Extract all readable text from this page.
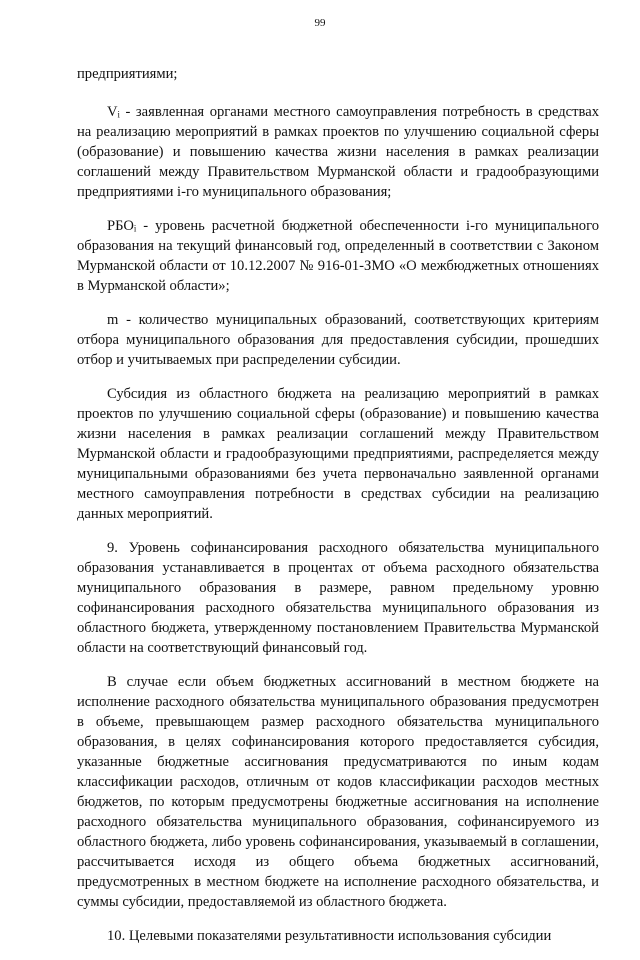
99

предприятиями;

Vᵢ - заявленная органами местного самоуправления потребность в средствах на реализацию мероприятий в рамках проектов по улучшению социальной сферы (образование) и повышению качества жизни населения в рамках реализации соглашений между Правительством Мурманской области и градообразующими предприятиями i-го муниципального образования;

РБОᵢ - уровень расчетной бюджетной обеспеченности i-го муниципального образования на текущий финансовый год, определенный в соответствии с Законом Мурманской области от 10.12.2007 № 916-01-ЗМО «О межбюджетных отношениях в Мурманской области»;

m - количество муниципальных образований, соответствующих критериям отбора муниципального образования для предоставления субсидии, прошедших отбор и учитываемых при распределении субсидии.

Субсидия из областного бюджета на реализацию мероприятий в рамках проектов по улучшению социальной сферы (образование) и повышению качества жизни населения в рамках реализации соглашений между Правительством Мурманской области и градообразующими предприятиями, распределяется между муниципальными образованиями без учета первоначально заявленной органами местного самоуправления потребности в средствах субсидии на реализацию данных мероприятий.

9. Уровень софинансирования расходного обязательства муниципального образования устанавливается в процентах от объема расходного обязательства муниципального образования в размере, равном предельному уровню софинансирования расходного обязательства муниципального образования из областного бюджета, утвержденному постановлением Правительства Мурманской области на соответствующий финансовый год.

В случае если объем бюджетных ассигнований в местном бюджете на исполнение расходного обязательства муниципального образования предусмотрен в объеме, превышающем размер расходного обязательства муниципального образования, в целях софинансирования которого предоставляется субсидия, указанные бюджетные ассигнования предусматриваются по иным кодам классификации расходов, отличным от кодов классификации расходов местных бюджетов, по которым предусмотрены бюджетные ассигнования на исполнение расходного обязательства муниципального образования, софинансируемого из областного бюджета, либо уровень софинансирования, указываемый в соглашении, рассчитывается исходя из общего объема бюджетных ассигнований, предусмотренных в местном бюджете на исполнение расходного обязательства, и суммы субсидии, предоставляемой из областного бюджета.

10. Целевыми показателями результативности использования субсидии
